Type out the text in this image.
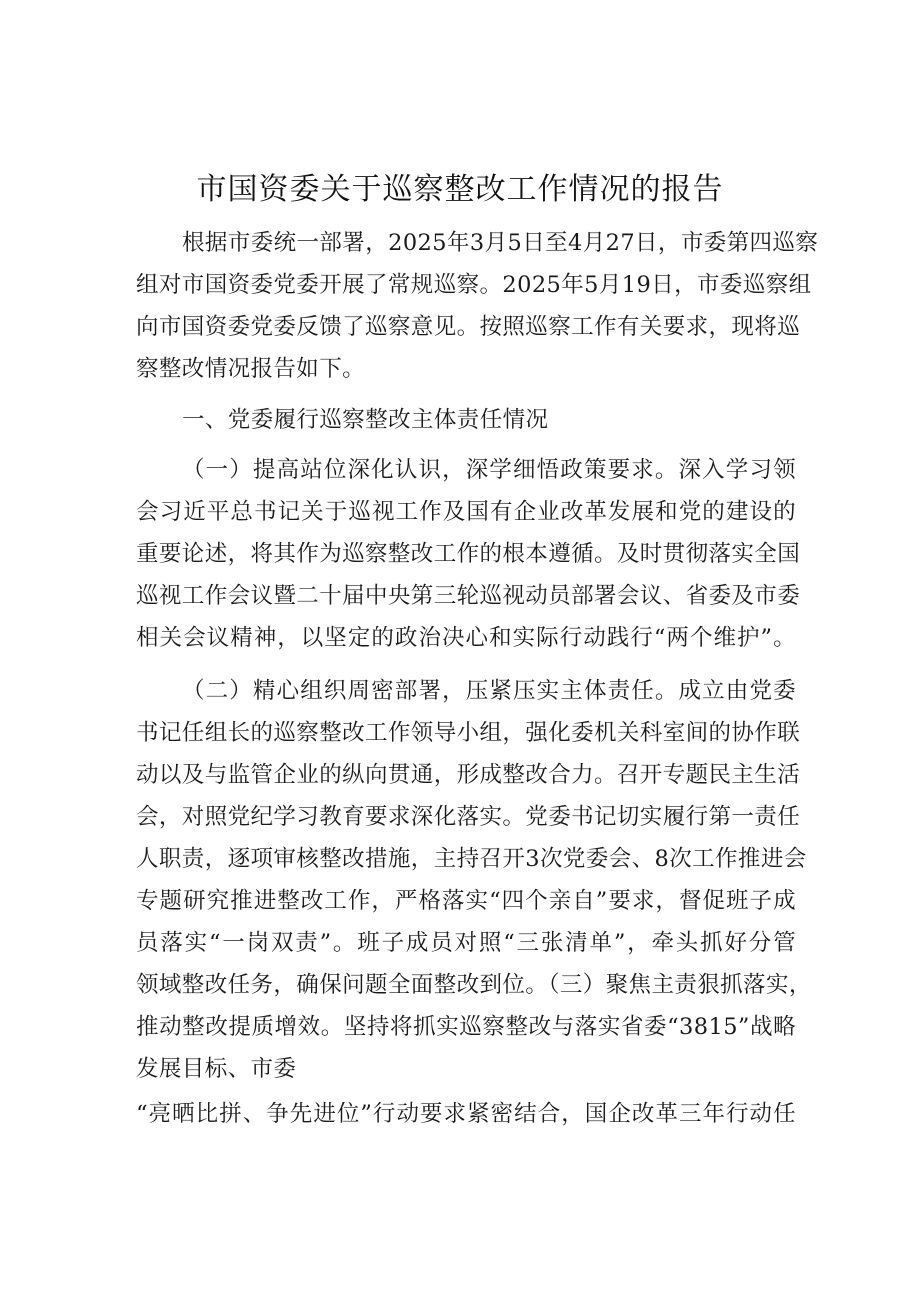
市国资委关于巡察整改工作情况的报告
根据市委统一部署，2025年3月5日至4月27日，市委第四巡察
组对市国资委党委开展了常规巡察。2025年5月19日，市委巡察组
向市国资委党委反馈了巡察意见。按照巡察工作有关要求，现将巡
察整改情况报告如下。
一、党委履行巡察整改主体责任情况
（一）提高站位深化认识，深学细悟政策要求。深入学习领
会习近平总书记关于巡视工作及国有企业改革发展和党的建设的
重要论述，将其作为巡察整改工作的根本遵循。及时贯彻落实全国
巡视工作会议暨二十届中央第三轮巡视动员部署会议、省委及市委
相关会议精神，以坚定的政治决心和实际行动践行“两个维护”。
（二）精心组织周密部署，压紧压实主体责任。成立由党委
书记任组长的巡察整改工作领导小组，强化委机关科室间的协作联
动以及与监管企业的纵向贯通，形成整改合力。召开专题民主生活
会，对照党纪学习教育要求深化落实。党委书记切实履行第一责任
人职责，逐项审核整改措施，主持召开3次党委会、8次工作推进会
专题研究推进整改工作，严格落实“四个亲自”要求，督促班子成
员落实“一岗双责”。班子成员对照“三张清单”，牵头抓好分管
领域整改任务，确保问题全面整改到位。（三）聚焦主责狠抓落实，
推动整改提质增效。坚持将抓实巡察整改与落实省委“3815”战略
发展目标、市委
“亮晒比拼、争先进位”行动要求紧密结合，国企改革三年行动任
